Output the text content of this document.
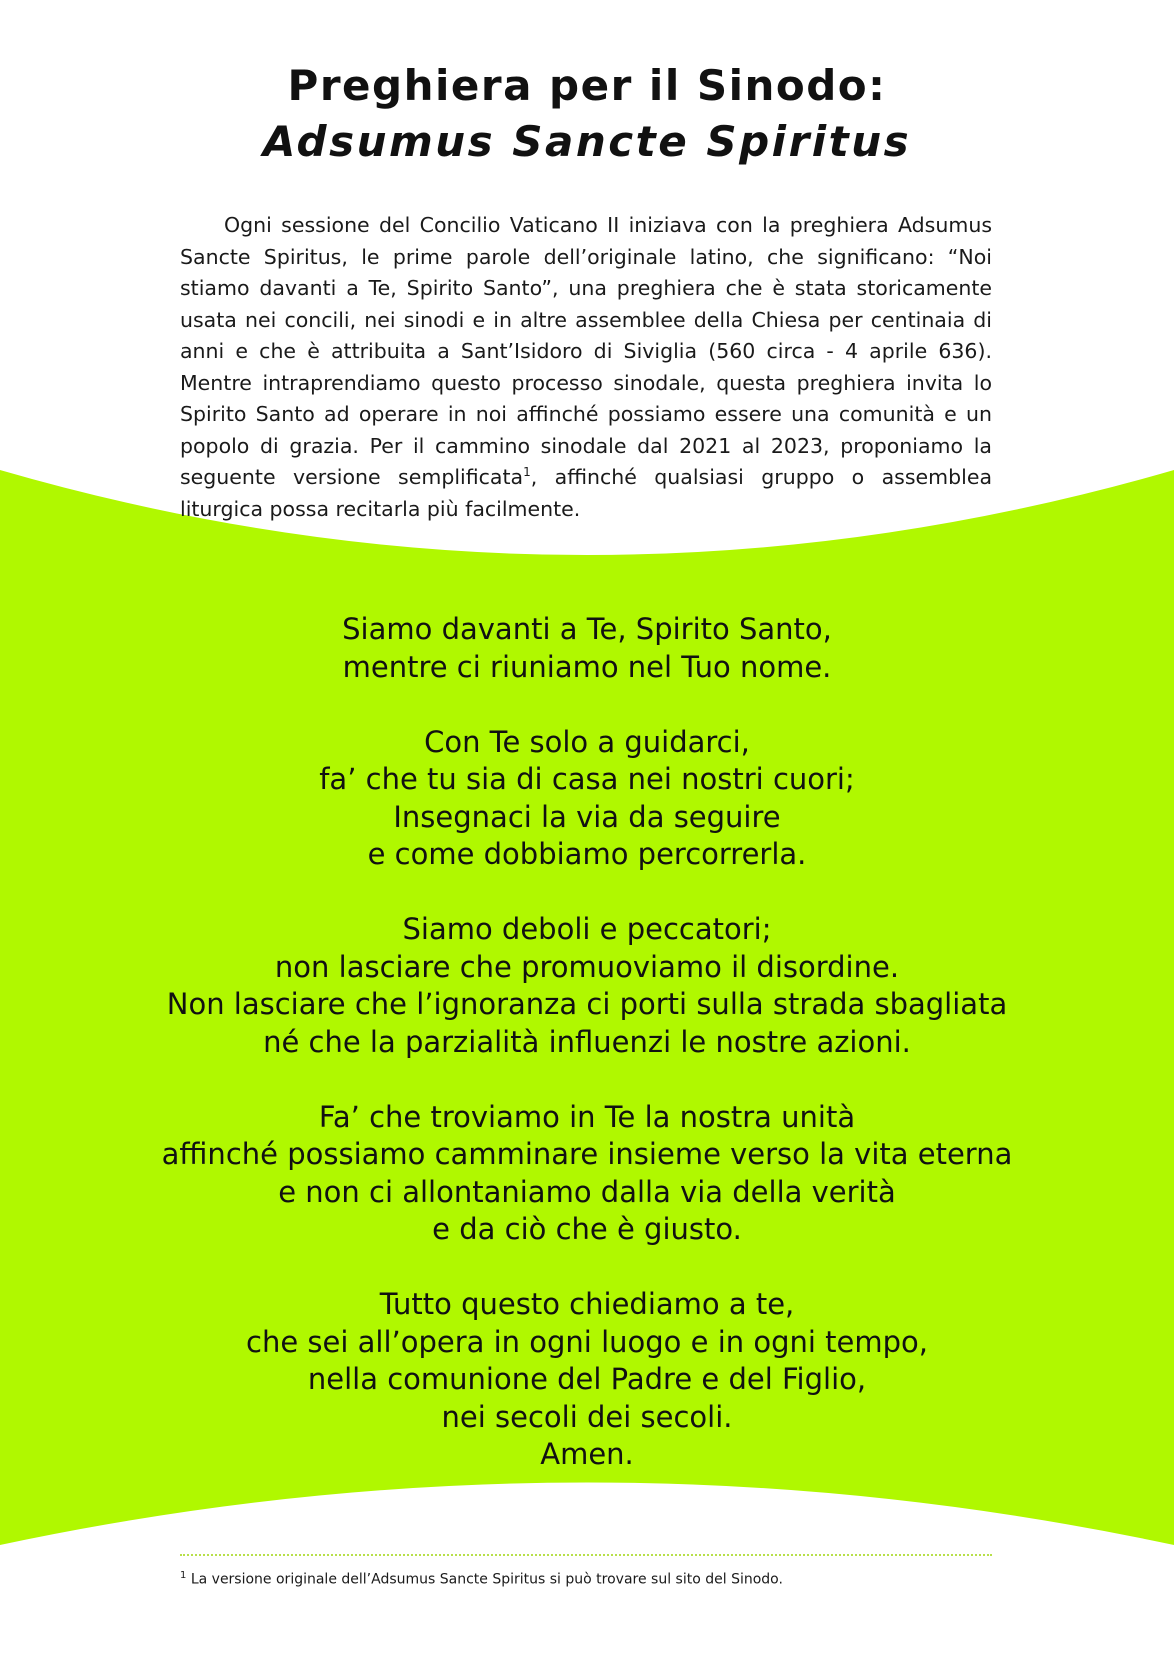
Preghiera per il Sinodo:
Adsumus Sancte Spiritus

Ogni sessione del Concilio Vaticano II iniziava con la preghiera Adsumus Sancte Spiritus, le prime parole dell’originale latino, che significano: “Noi stiamo davanti a Te, Spirito Santo”, una preghiera che è stata storicamente usata nei concili, nei sinodi e in altre assemblee della Chiesa per centinaia di anni e che è attribuita a Sant’Isidoro di Siviglia (560 circa - 4 aprile 636). Mentre intraprendiamo questo processo sinodale, questa preghiera invita lo Spirito Santo ad operare in noi affinché possiamo essere una comunità e un popolo di grazia. Per il cammino sinodale dal 2021 al 2023, proponiamo la seguente versione semplificata$^1$, affinché qualsiasi gruppo o assemblea liturgica possa recitarla più facilmente.

Siamo davanti a Te, Spirito Santo,
mentre ci riuniamo nel Tuo nome.

Con Te solo a guidarci,
fa’ che tu sia di casa nei nostri cuori;
Insegnaci la via da seguire
e come dobbiamo percorrerla.

Siamo deboli e peccatori;
non lasciare che promuoviamo il disordine.
Non lasciare che l’ignoranza ci porti sulla strada sbagliata
né che la parzialità influenzi le nostre azioni.

Fa’ che troviamo in Te la nostra unità
affinché possiamo camminare insieme verso la vita eterna
e non ci allontaniamo dalla via della verità
e da ciò che è giusto.

Tutto questo chiediamo a te,
che sei all’opera in ogni luogo e in ogni tempo,
nella comunione del Padre e del Figlio,
nei secoli dei secoli.
Amen.

$^1$ La versione originale dell’Adsumus Sancte Spiritus si può trovare sul sito del Sinodo.
